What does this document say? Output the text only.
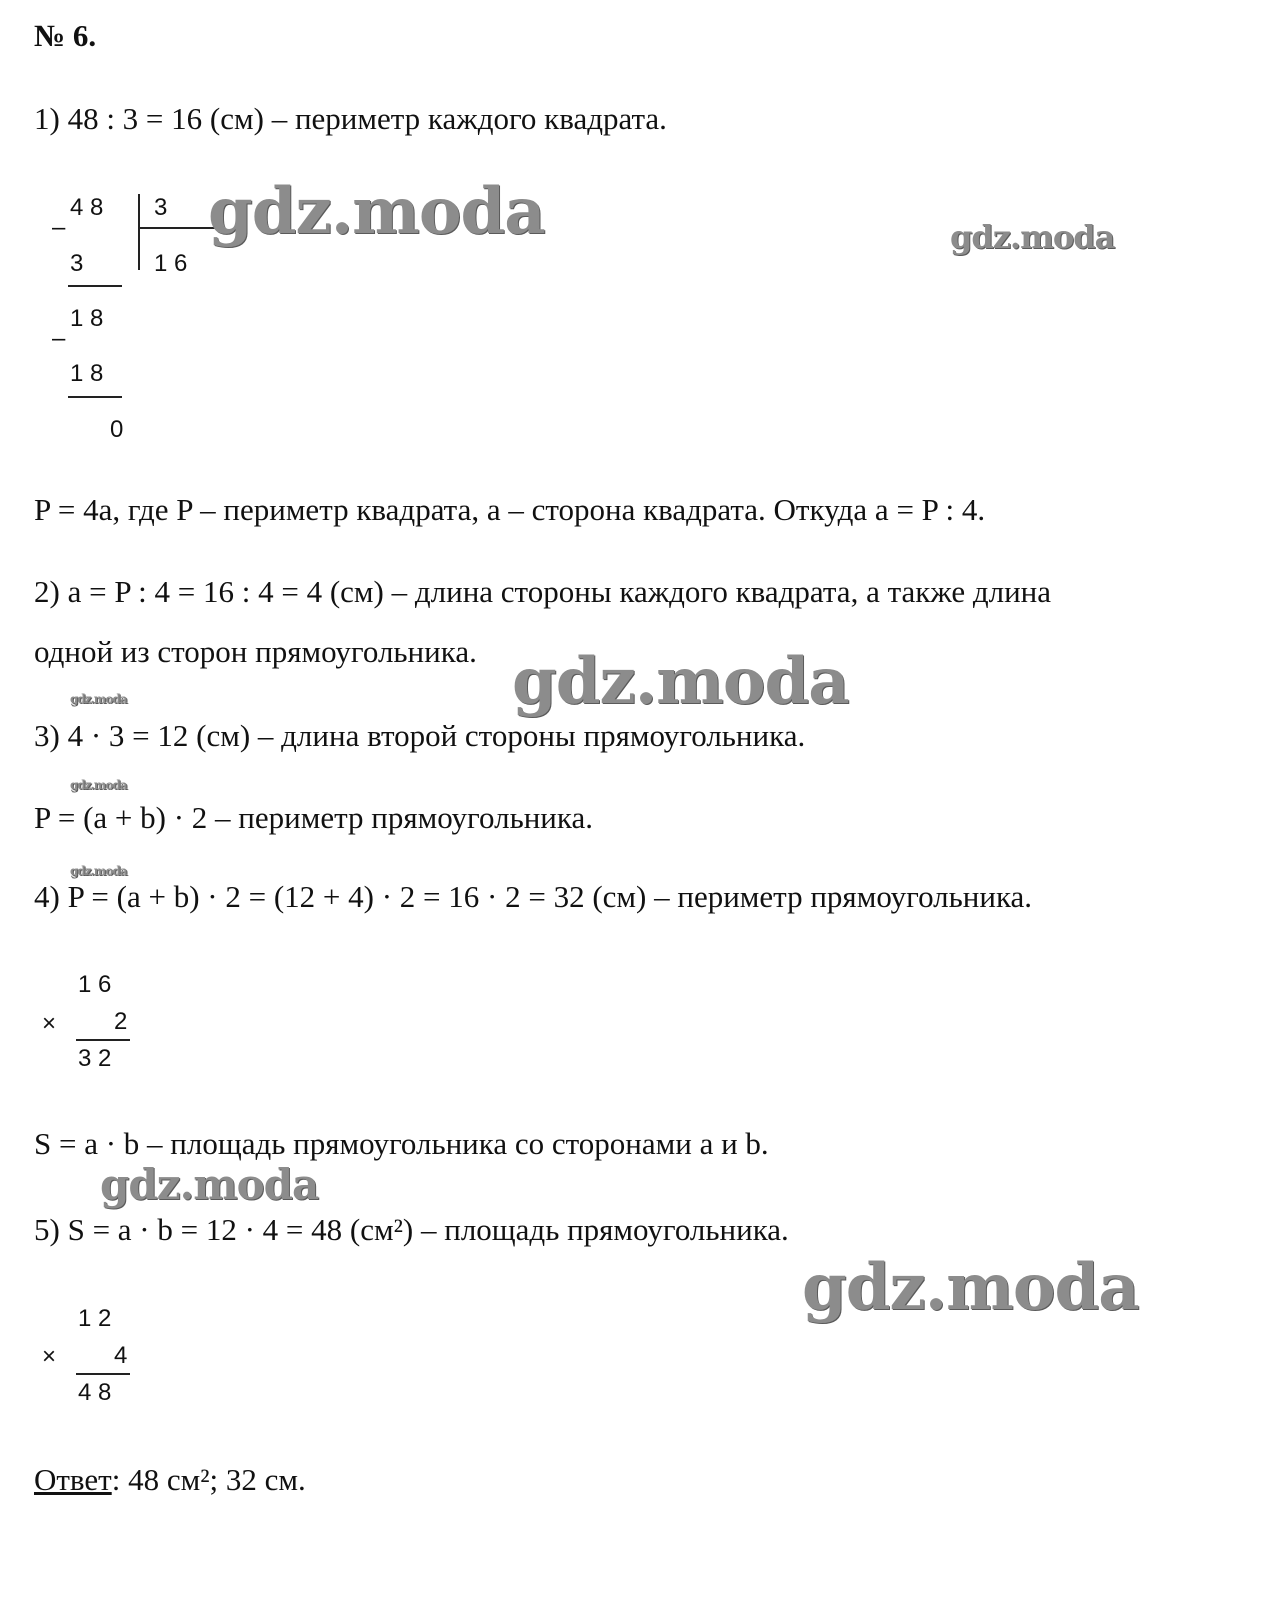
№ 6.
1) 48 : 3 = 16 (см) – периметр каждого квадрата.
4 8
–
3
1 6
3
1 8
–
1 8
0
P = 4a, где P – периметр квадрата, a – сторона квадрата. Откуда a = P : 4.
2) a = P : 4 = 16 : 4 = 4 (см) – длина стороны каждого квадрата, а также длина
одной из сторон прямоугольника.
3) 4 · 3 = 12 (см) – длина второй стороны прямоугольника.
P = (a + b) · 2 – периметр прямоугольника.
4) P = (a + b) · 2 = (12 + 4) · 2 = 16 · 2 = 32 (см) – периметр прямоугольника.
1 6
× 2
3 2
S = a · b – площадь прямоугольника со сторонами a и b.
5) S = a · b = 12 · 4 = 48 (см²) – площадь прямоугольника.
1 2
× 4
4 8
Ответ: 48 см²; 32 см.
gdz.moda	gdz.moda
gdz.moda
gdz.moda
gdz.moda
gdz.moda
gdz.moda
gdz.moda
